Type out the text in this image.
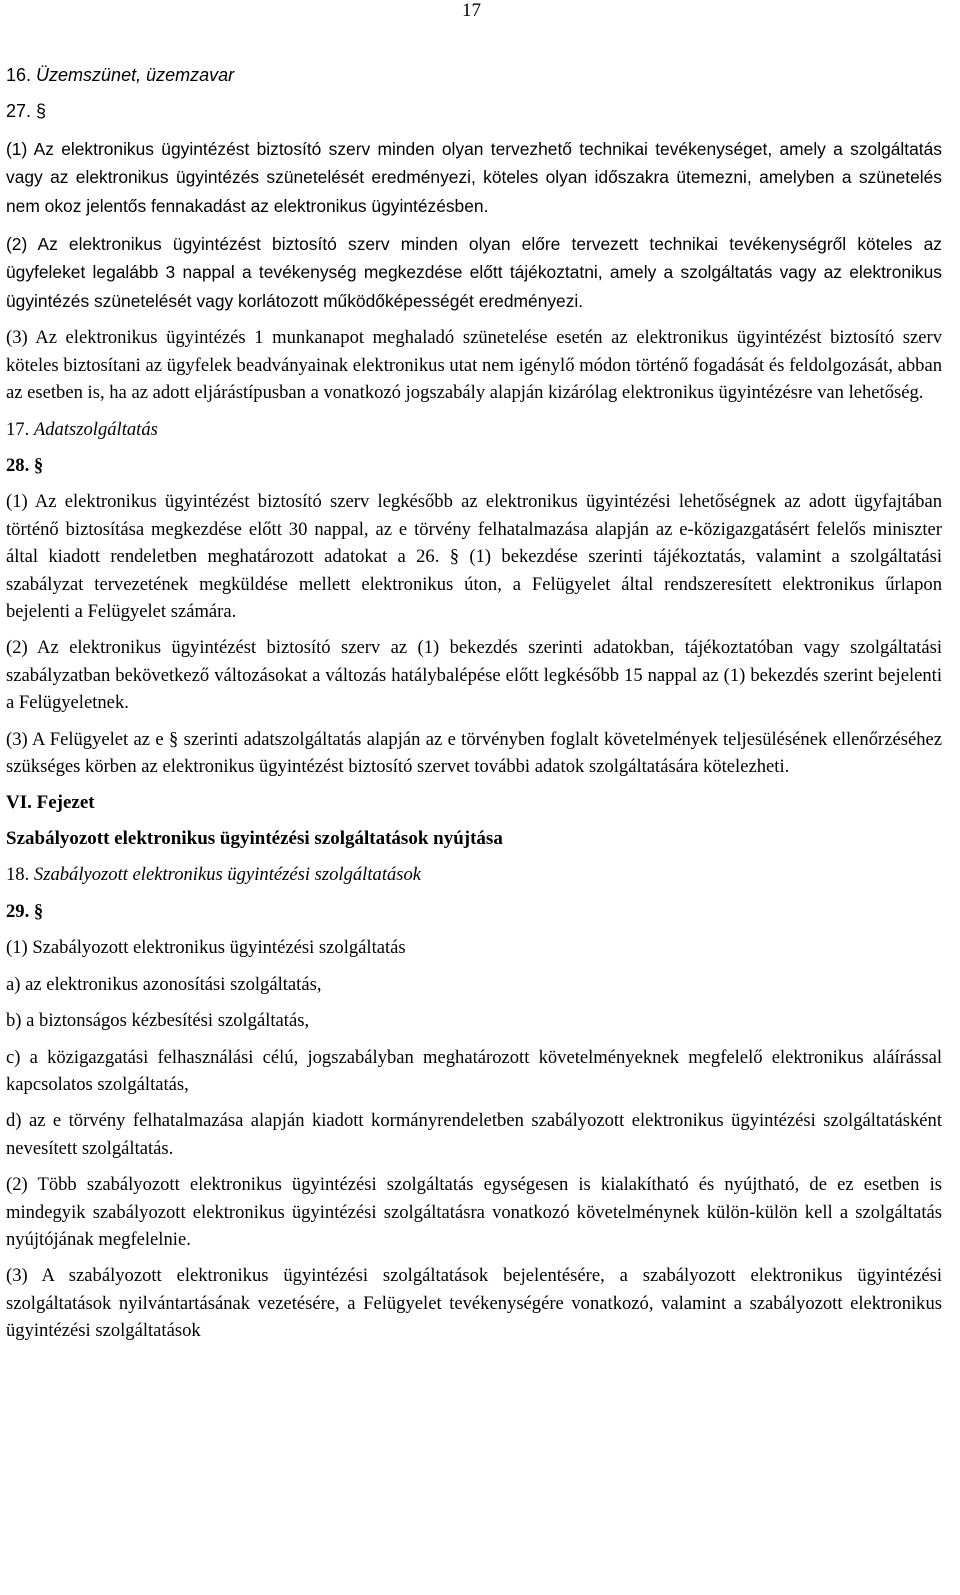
17

16. Üzemszünet, üzemzavar

27. §

(1) Az elektronikus ügyintézést biztosító szerv minden olyan tervezhető technikai tevékenységet, amely a szolgáltatás vagy az elektronikus ügyintézés szünetelését eredményezi, köteles olyan időszakra ütemezni, amelyben a szünetelés nem okoz jelentős fennakadást az elektronikus ügyintézésben.

(2) Az elektronikus ügyintézést biztosító szerv minden olyan előre tervezett technikai tevékenységről köteles az ügyfeleket legalább 3 nappal a tevékenység megkezdése előtt tájékoztatni, amely a szolgáltatás vagy az elektronikus ügyintézés szünetelését vagy korlátozott működőképességét eredményezi.

(3) Az elektronikus ügyintézés 1 munkanapot meghaladó szünetelése esetén az elektronikus ügyintézést biztosító szerv köteles biztosítani az ügyfelek beadványainak elektronikus utat nem igénylő módon történő fogadását és feldolgozását, abban az esetben is, ha az adott eljárástípusban a vonatkozó jogszabály alapján kizárólag elektronikus ügyintézésre van lehetőség.

17. Adatszolgáltatás

28. §

(1) Az elektronikus ügyintézést biztosító szerv legkésőbb az elektronikus ügyintézési lehetőségnek az adott ügyfajtában történő biztosítása megkezdése előtt 30 nappal, az e törvény felhatalmazása alapján az e-közigazgatásért felelős miniszter által kiadott rendeletben meghatározott adatokat a 26. § (1) bekezdése szerinti tájékoztatás, valamint a szolgáltatási szabályzat tervezetének megküldése mellett elektronikus úton, a Felügyelet által rendszeresített elektronikus űrlapon bejelenti a Felügyelet számára.

(2) Az elektronikus ügyintézést biztosító szerv az (1) bekezdés szerinti adatokban, tájékoztatóban vagy szolgáltatási szabályzatban bekövetkező változásokat a változás hatálybalépése előtt legkésőbb 15 nappal az (1) bekezdés szerint bejelenti a Felügyeletnek.

(3) A Felügyelet az e § szerinti adatszolgáltatás alapján az e törvényben foglalt követelmények teljesülésének ellenőrzéséhez szükséges körben az elektronikus ügyintézést biztosító szervet további adatok szolgáltatására kötelezheti.

VI. Fejezet

Szabályozott elektronikus ügyintézési szolgáltatások nyújtása

18. Szabályozott elektronikus ügyintézési szolgáltatások

29. §

(1) Szabályozott elektronikus ügyintézési szolgáltatás

a) az elektronikus azonosítási szolgáltatás,

b) a biztonságos kézbesítési szolgáltatás,

c) a közigazgatási felhasználási célú, jogszabályban meghatározott követelményeknek megfelelő elektronikus aláírással kapcsolatos szolgáltatás,

d) az e törvény felhatalmazása alapján kiadott kormányrendeletben szabályozott elektronikus ügyintézési szolgáltatásként nevesített szolgáltatás.

(2) Több szabályozott elektronikus ügyintézési szolgáltatás egységesen is kialakítható és nyújtható, de ez esetben is mindegyik szabályozott elektronikus ügyintézési szolgáltatásra vonatkozó követelménynek külön-külön kell a szolgáltatás nyújtójának megfelelnie.

(3) A szabályozott elektronikus ügyintézési szolgáltatások bejelentésére, a szabályozott elektronikus ügyintézési szolgáltatások nyilvántartásának vezetésére, a Felügyelet tevékenységére vonatkozó, valamint a szabályozott elektronikus ügyintézési szolgáltatások
